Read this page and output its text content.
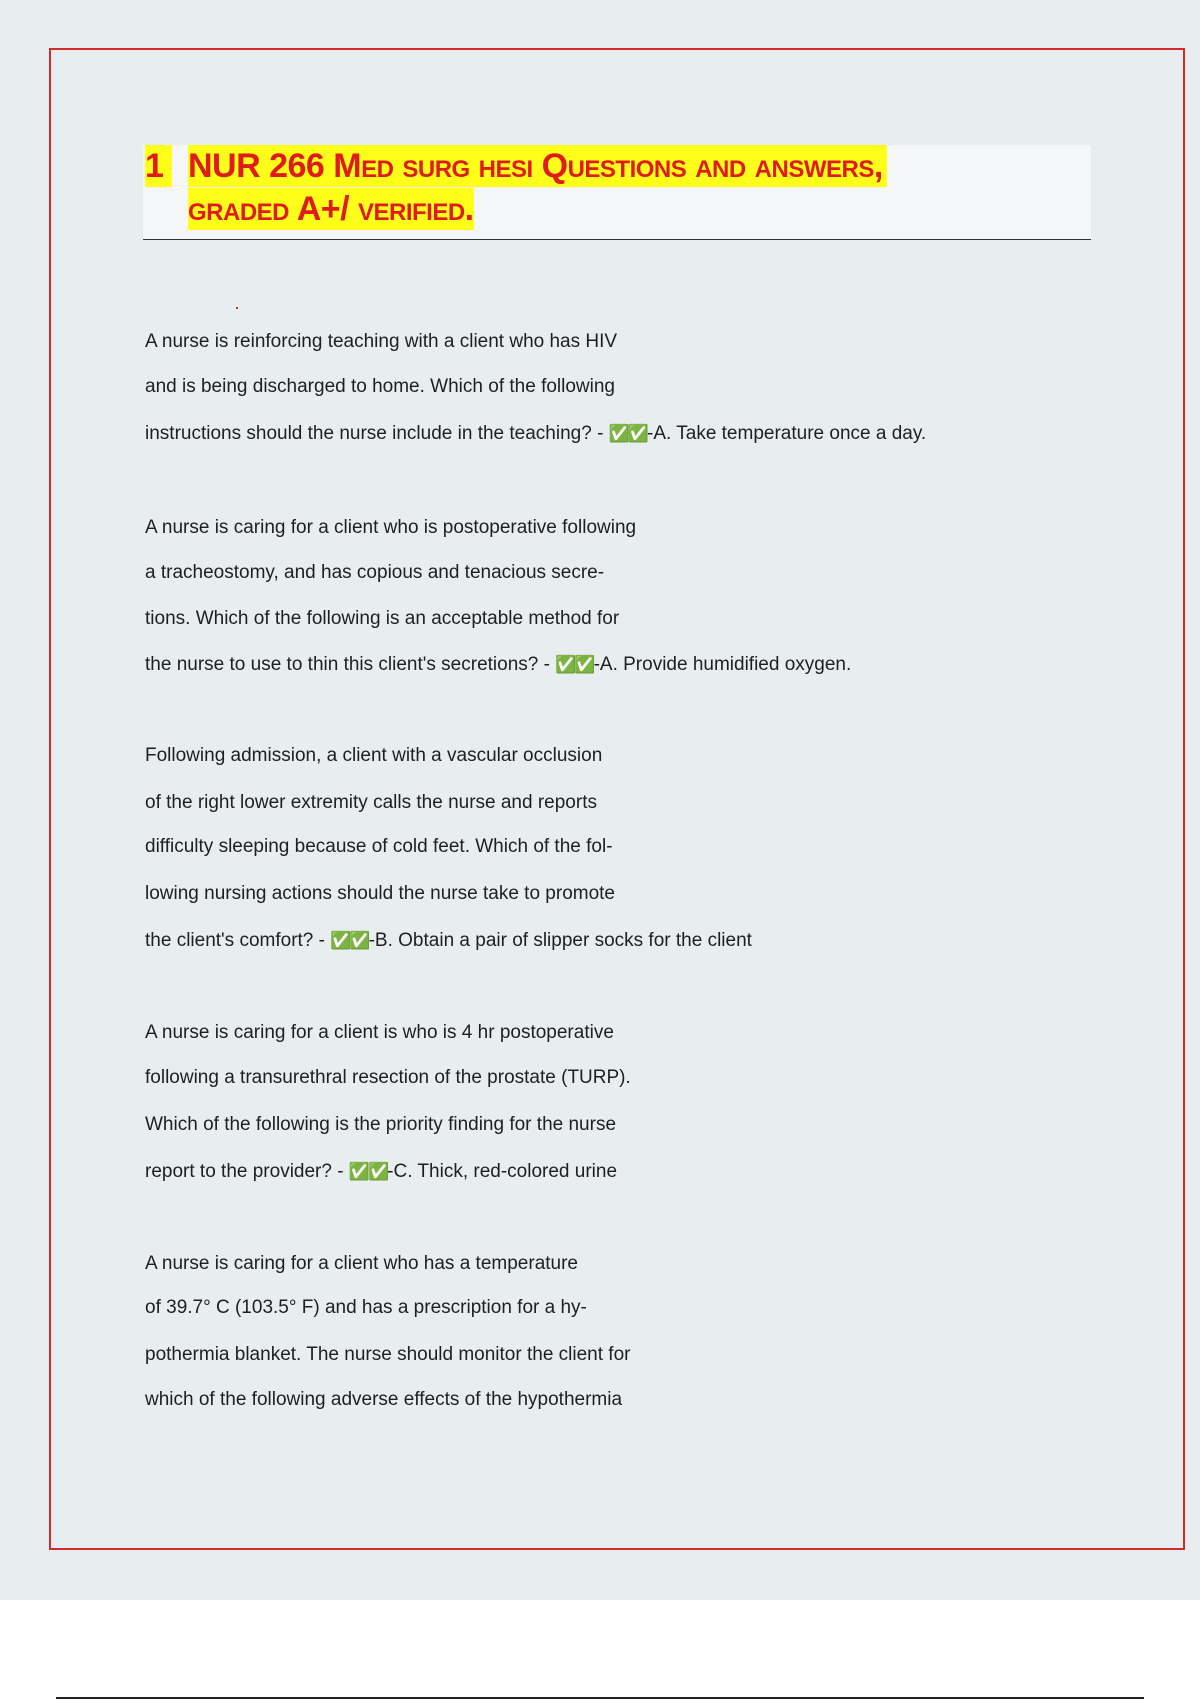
1 NUR 266 Med surg hesi Questions and answers,
graded A+/ verified.
A nurse is reinforcing teaching with a client who has HIV
and is being discharged to home. Which of the following
instructions should the nurse include in the teaching? - ✅✅-A. Take temperature once a day.
A nurse is caring for a client who is postoperative following
a tracheostomy, and has copious and tenacious secre-
tions. Which of the following is an acceptable method for
the nurse to use to thin this client's secretions? - ✅✅-A. Provide humidified oxygen.
Following admission, a client with a vascular occlusion
of the right lower extremity calls the nurse and reports
difficulty sleeping because of cold feet. Which of the fol-
lowing nursing actions should the nurse take to promote
the client's comfort? - ✅✅-B. Obtain a pair of slipper socks for the client
A nurse is caring for a client is who is 4 hr postoperative
following a transurethral resection of the prostate (TURP).
Which of the following is the priority finding for the nurse
report to the provider? - ✅✅-C. Thick, red-colored urine
A nurse is caring for a client who has a temperature
of 39.7° C (103.5° F) and has a prescription for a hy-
pothermia blanket. The nurse should monitor the client for
which of the following adverse effects of the hypothermia
